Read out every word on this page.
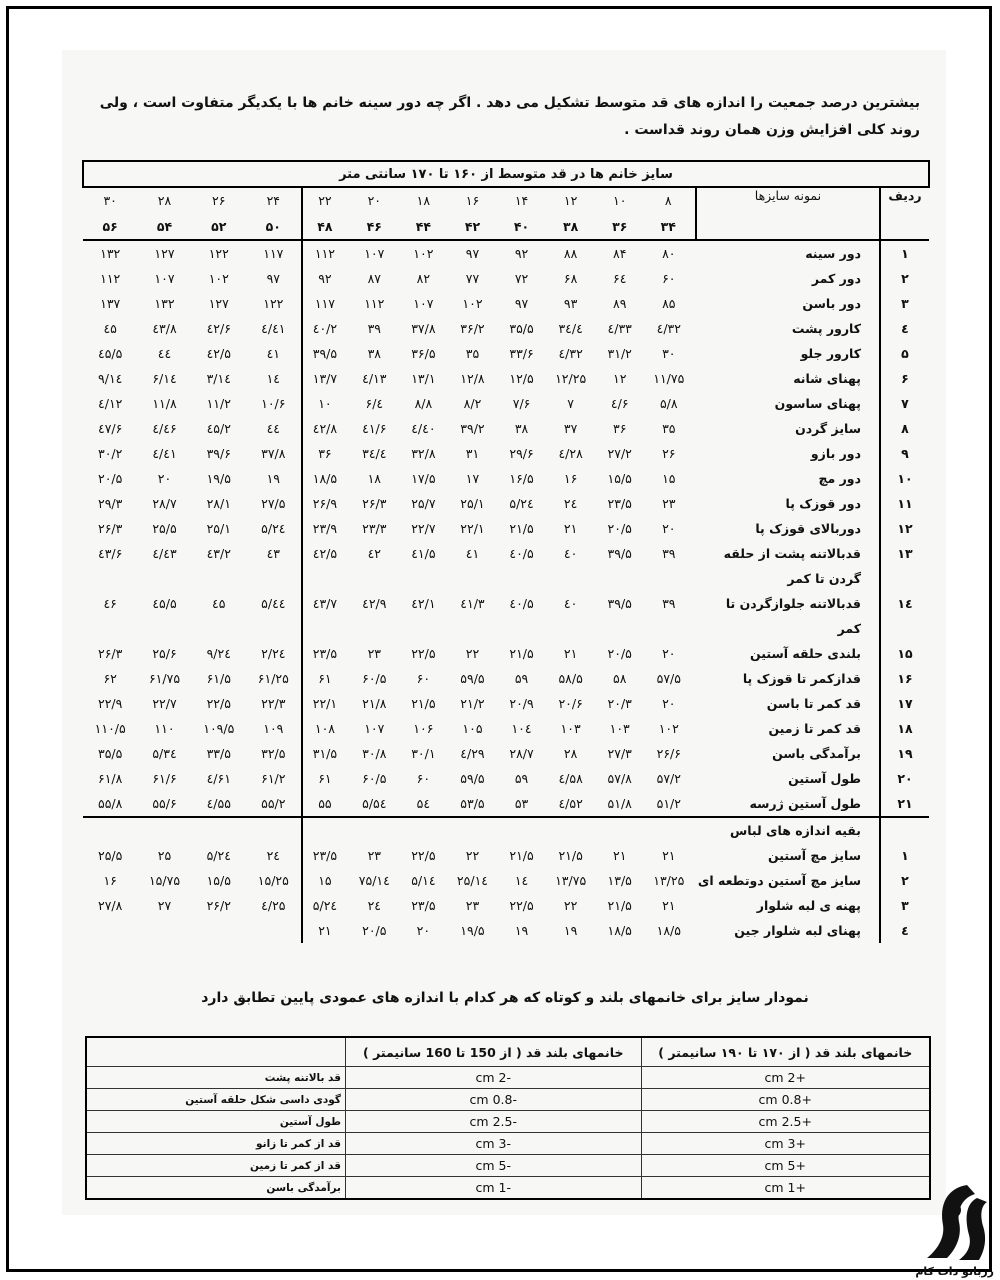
بیشترین درصد جمعیت را اندازه های قد متوسط تشکیل می دهد . اگر چه دور سینه خانم ها با یکدیگر متفاوت است ، ولی روند کلی افزایش وزن همان روند قداست .
سایز خانم ها در قد متوسط از ۱۶۰ تا ۱۷۰ سانتی متر													
ردیف	نمونه سایزها	۸	۱۰	۱۲	۱۴	۱۶	۱۸	۲۰	۲۲	۲۴	۲۶	۲۸	۳۰
		۳۴	۳۶	۳۸	۴۰	۴۲	۴۴	۴۶	۴۸	۵۰	۵۲	۵۴	۵۶
۱	دور سینه	۸۰	۸۴	۸۸	۹۲	۹۷	۱۰۲	۱۰۷	۱۱۲	۱۱۷	۱۲۲	۱۲۷	۱۳۲
۲	دور کمر	۶۰	۶٤	۶۸	۷۲	۷۷	۸۲	۸۷	۹۲	۹۷	۱۰۲	۱۰۷	۱۱۲
۳	دور باسن	۸۵	۸۹	۹۳	۹۷	۱۰۲	۱۰۷	۱۱۲	۱۱۷	۱۲۲	۱۲۷	۱۳۲	۱۳۷
٤	کارور پشت	۳۲/٤	۳۳/٤	۳٤/٤	۳۵/۵	۳۶/۲	۳۷/۸	۳۹	٤۰/۲	٤۱/٤	٤۲/۶	٤۳/۸	٤۵
۵	کارور جلو	۳۰	۳۱/۲	۳۲/٤	۳۳/۶	۳۵	۳۶/۵	۳۸	۳۹/۵	٤۱	٤۲/۵	٤٤	٤۵/۵
۶	پهنای شانه	۱۱/۷۵	۱۲	۱۲/۲۵	۱۲/۵	۱۲/۸	۱۳/۱	۱۳/٤	۱۳/۷	۱٤	۱٤/۳	۱٤/۶	۱٤/۹
۷	پهنای ساسون	۵/۸	۶/٤	۷	۷/۶	۸/۲	۸/۸	٤/۶	۱۰	۱۰/۶	۱۱/۲	۱۱/۸	۱۲/٤
۸	سایز گردن	۳۵	۳۶	۳۷	۳۸	۳۹/۲	٤۰/٤	٤۱/۶	٤۲/۸	٤٤	٤۵/۲	٤۶/٤	٤۷/۶
۹	دور بازو	۲۶	۲۷/۲	۲۸/٤	۲۹/۶	۳۱	۳۲/۸	۳٤/٤	۳۶	۳۷/۸	۳۹/۶	٤۱/٤	۳۰/۲
۱۰	دور مچ	۱۵	۱۵/۵	۱۶	۱۶/۵	۱۷	۱۷/۵	۱۸	۱۸/۵	۱۹	۱۹/۵	۲۰	۲۰/۵
۱۱	دور قوزک پا	۲۳	۲۳/۵	۲٤	۲٤/۵	۲۵/۱	۲۵/۷	۲۶/۳	۲۶/۹	۲۷/۵	۲۸/۱	۲۸/۷	۲۹/۳
۱۲	دوربالای قوزک پا	۲۰	۲۰/۵	۲۱	۲۱/۵	۲۲/۱	۲۲/۷	۲۳/۳	۲۳/۹	۲٤/۵	۲۵/۱	۲۵/۵	۲۶/۳
۱۳	قدبالاتنه پشت از حلقه	۳۹	۳۹/۵	٤۰	٤۰/۵	٤۱	٤۱/۵	٤۲	٤۲/۵	٤۳	٤۳/۲	٤۳/٤	٤۳/۶
	گردن تا کمر												
۱٤	قدبالاتنه جلوازگردن تا	۳۹	۳۹/۵	٤۰	٤۰/۵	٤۱/۳	٤۲/۱	٤۲/۹	٤۳/۷	٤٤/۵	٤۵	٤۵/۵	٤۶
	کمر												
۱۵	بلندی حلقه آستین	۲۰	۲۰/۵	۲۱	۲۱/۵	۲۲	۲۲/۵	۲۳	۲۳/۵	۲٤/۲	۲٤/۹	۲۵/۶	۲۶/۳
۱۶	قدازکمر تا قوزک پا	۵۷/۵	۵۸	۵۸/۵	۵۹	۵۹/۵	۶۰	۶۰/۵	۶۱	۶۱/۲۵	۶۱/۵	۶۱/۷۵	۶۲
۱۷	قد کمر تا باسن	۲۰	۲۰/۳	۲۰/۶	۲۰/۹	۲۱/۲	۲۱/۵	۲۱/۸	۲۲/۱	۲۲/۳	۲۲/۵	۲۲/۷	۲۲/۹
۱۸	قد کمر تا زمین	۱۰۲	۱۰۳	۱۰۳	۱۰٤	۱۰۵	۱۰۶	۱۰۷	۱۰۸	۱۰۹	۱۰۹/۵	۱۱۰	۱۱۰/۵
۱۹	برآمدگی باسن	۲۶/۶	۲۷/۳	۲۸	۲۸/۷	۲۹/٤	۳۰/۱	۳۰/۸	۳۱/۵	۳۲/۵	۳۳/۵	۳٤/۵	۳۵/۵
۲۰	طول آستین	۵۷/۲	۵۷/۸	۵۸/٤	۵۹	۵۹/۵	۶۰	۶۰/۵	۶۱	۶۱/۲	۶۱/٤	۶۱/۶	۶۱/۸
۲۱	طول آستین ژرسه	۵۱/۲	۵۱/۸	۵۲/٤	۵۳	۵۳/۵	۵٤	۵٤/۵	۵۵	۵۵/۲	۵۵/٤	۵۵/۶	۵۵/۸
	بقیه اندازه های لباس												
۱	سایز مچ آستین	۲۱	۲۱	۲۱/۵	۲۱/۵	۲۲	۲۲/۵	۲۳	۲۳/۵	۲٤	۲٤/۵	۲۵	۲۵/۵
۲	سایز مچ آستین دوتطعه ای	۱۳/۲۵	۱۳/۵	۱۳/۷۵	۱٤	۱٤/۲۵	۱٤/۵	۱٤/۷۵	۱۵	۱۵/۲۵	۱۵/۵	۱۵/۷۵	۱۶
۳	پهنه ی لبه شلوار	۲۱	۲۱/۵	۲۲	۲۲/۵	۲۳	۲۳/۵	۲٤	۲٤/۵	۲۵/٤	۲۶/۲	۲۷	۲۷/۸
٤	پهنای لبه شلوار جین	۱۸/۵	۱۸/۵	۱۹	۱۹	۱۹/۵	۲۰	۲۰/۵	۲۱				
نمودار سایز برای خانمهای بلند و کوتاه که هر کدام با اندازه های عمودی پایین تطابق دارد
خانمهای بلند قد ( از ۱۷۰ تا ۱۹۰ سانیمتر )	خانمهای بلند قد ( از 150 تا 160 سانیمتر )	
+2 cm	-2 cm	قد بالاتنه پشت
+0.8 cm	-0.8 cm	گودی داسی شکل حلقه آستین
+2.5 cm	-2.5 cm	طول آستین
+3 cm	-3 cm	قد از کمر تا زانو
+5 cm	-5 cm	قد از کمر تا زمین
+1 cm	-1 cm	برآمدگی باسن
رزبانو دات کام
